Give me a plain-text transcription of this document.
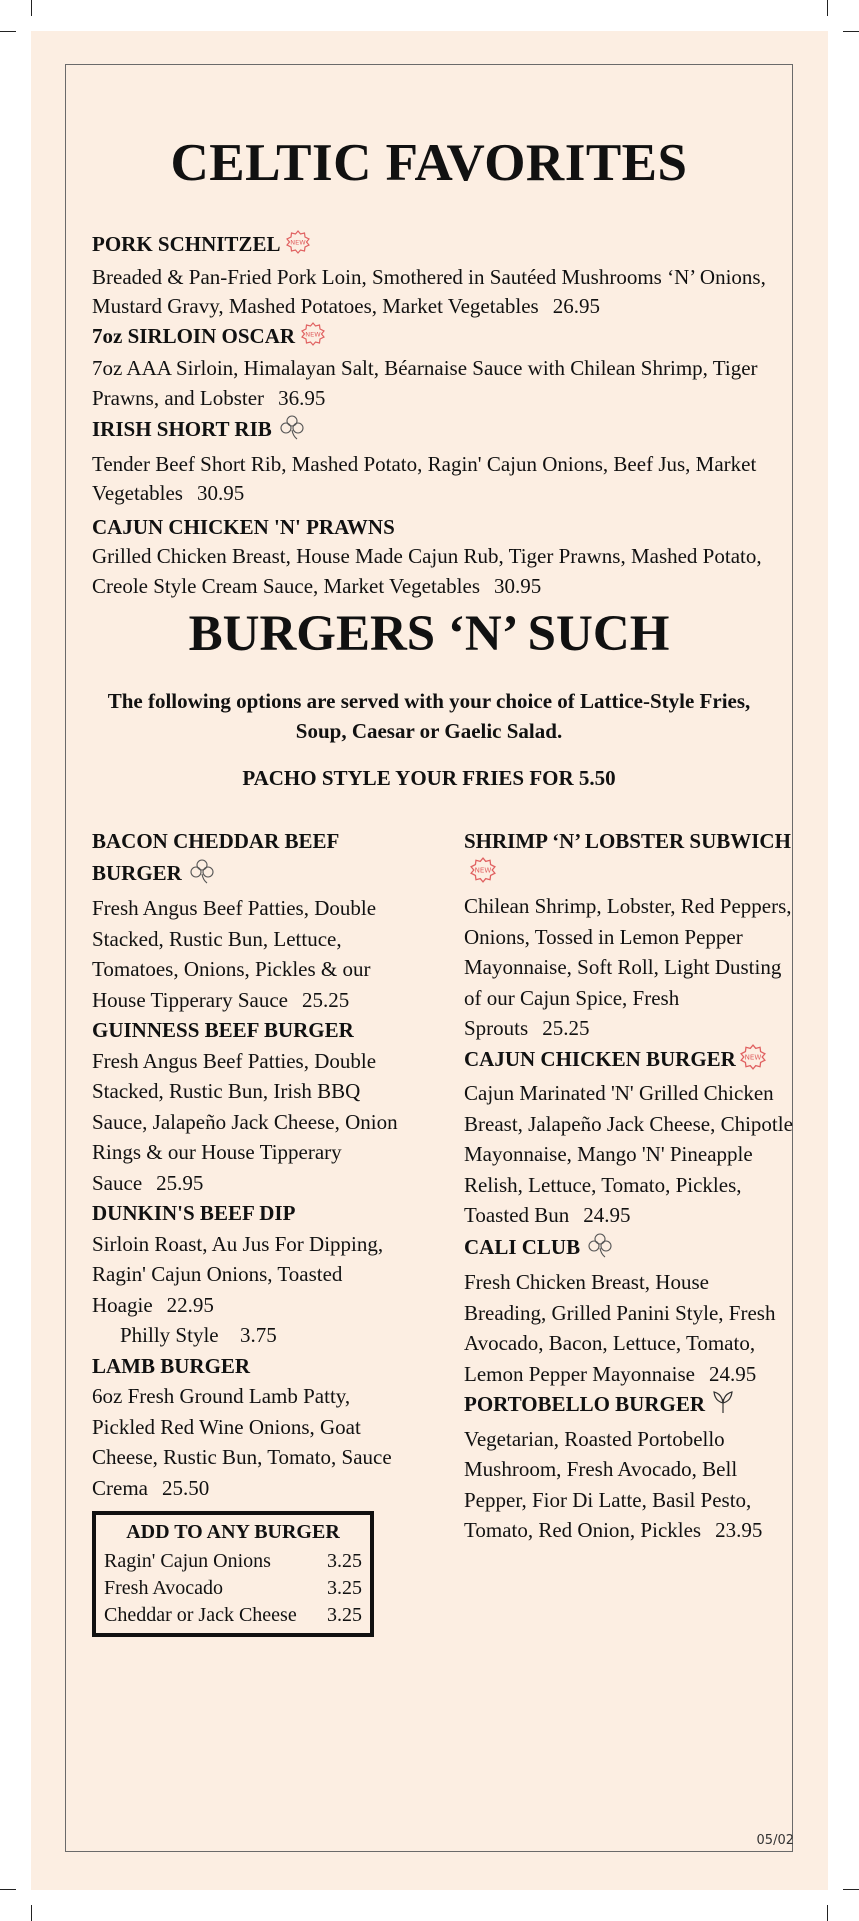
CELTIC FAVORITES
PORK SCHNITZEL NEW

Breaded & Pan-Fried Pork Loin, Smothered in Sautéed Mushrooms ‘N’ Onions, Mustard Gravy, Mashed Potatoes, Market Vegetables 26.95
7oz SIRLOIN OSCAR NEW

7oz AAA Sirloin, Himalayan Salt, Béarnaise Sauce with Chilean Shrimp, Tiger Prawns, and Lobster 36.95
IRISH SHORT RIB
Tender Beef Short Rib, Mashed Potato, Ragin' Cajun Onions, Beef Jus, Market Vegetables 30.95
CAJUN CHICKEN 'N' PRAWNS
Grilled Chicken Breast, House Made Cajun Rub, Tiger Prawns, Mashed Potato, Creole Style Cream Sauce, Market Vegetables 30.95
BURGERS ‘N’ SUCH
The following options are served with your choice of Lattice-Style Fries, Soup, Caesar or Gaelic Salad.
PACHO STYLE YOUR FRIES FOR 5.50
BACON CHEDDAR BEEF BURGER
Fresh Angus Beef Patties, Double Stacked, Rustic Bun, Lettuce, Tomatoes, Onions, Pickles & our House Tipperary Sauce 25.25
GUINNESS BEEF BURGER
Fresh Angus Beef Patties, Double Stacked, Rustic Bun, Irish BBQ Sauce, Jalapeño Jack Cheese, Onion Rings & our House Tipperary Sauce 25.95
DUNKIN'S BEEF DIP
Sirloin Roast, Au Jus For Dipping, Ragin' Cajun Onions, Toasted Hoagie 22.95
Philly Style 3.75
LAMB BURGER
6oz Fresh Ground Lamb Patty, Pickled Red Wine Onions, Goat Cheese, Rustic Bun, Tomato, Sauce Crema 25.50
ADD TO ANY BURGER
Ragin' Cajun Onions	3.25
Fresh Avocado	3.25
Cheddar or Jack Cheese 3.25
SHRIMP ‘N’ LOBSTER SUBWICH
NEW

Chilean Shrimp, Lobster, Red Peppers, Onions, Tossed in Lemon Pepper Mayonnaise, Soft Roll, Light Dusting of our Cajun Spice, Fresh Sprouts 25.25
CAJUN CHICKEN BURGER NEW

Cajun Marinated 'N' Grilled Chicken Breast, Jalapeño Jack Cheese, Chipotle Mayonnaise, Mango 'N' Pineapple Relish, Lettuce, Tomato, Pickles, Toasted Bun 24.95
CALI CLUB
Fresh Chicken Breast, House Breading, Grilled Panini Style, Fresh Avocado, Bacon, Lettuce, Tomato, Lemon Pepper Mayonnaise 24.95
PORTOBELLO BURGER
Vegetarian, Roasted Portobello Mushroom, Fresh Avocado, Bell Pepper, Fior Di Latte, Basil Pesto, Tomato, Red Onion, Pickles 23.95
05/02
